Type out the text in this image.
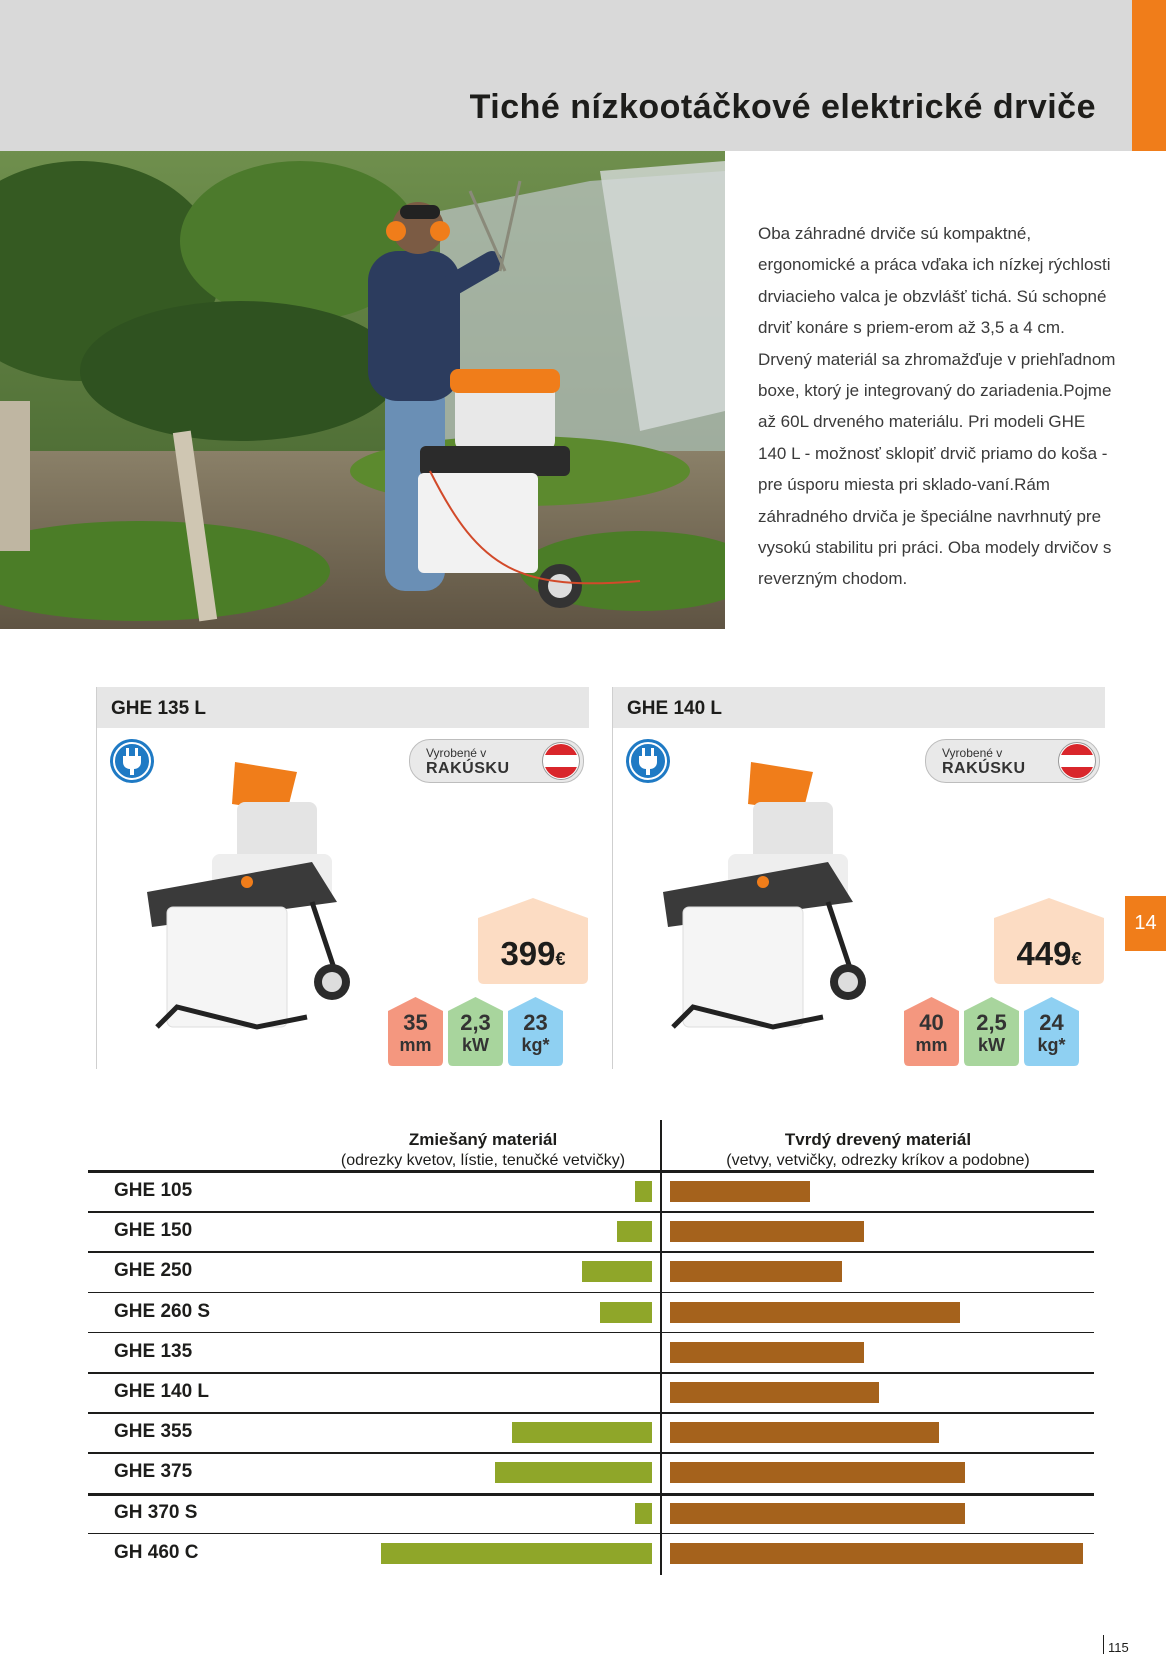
Tiché nízkootáčkové elektrické drviče

Oba záhradné drviče sú kompaktné, ergonomické a práca vďaka ich nízkej rýchlosti drviacieho valca je obzvlášť tichá. Sú schopné drviť konáre s priem-erom až 3,5 a 4 cm. Drvený materiál sa zhromažďuje v priehľadnom boxe, ktorý je integrovaný do zariadenia.Pojme až 60L drveného materiálu. Pri modeli GHE 140 L - možnosť sklopiť drvič priamo do koša - pre úsporu miesta pri sklado-vaní.Rám záhradného drviča je špeciálne navrhnutý pre vysokú stabilitu pri práci. Oba modely drvičov s reverzným chodom.

14
GHE 135 L
Vyrobené v
RAKÚSKU
399€
35
mm
2,3
kW
23
kg*
GHE 140 L
Vyrobené v
RAKÚSKU
449€
40
mm
2,5
kW
24
kg*
Zmiešaný materiál
(odrezky kvetov, lístie, tenučké vetvičky)
Tvrdý drevený materiál
(vetvy, vetvičky, odrezky kríkov a podobne)
GHE 105
GHE 150
GHE 250
GHE 260 S
GHE 135
GHE 140 L
GHE 355
GHE 375
GH 370 S
GH 460 C
115
